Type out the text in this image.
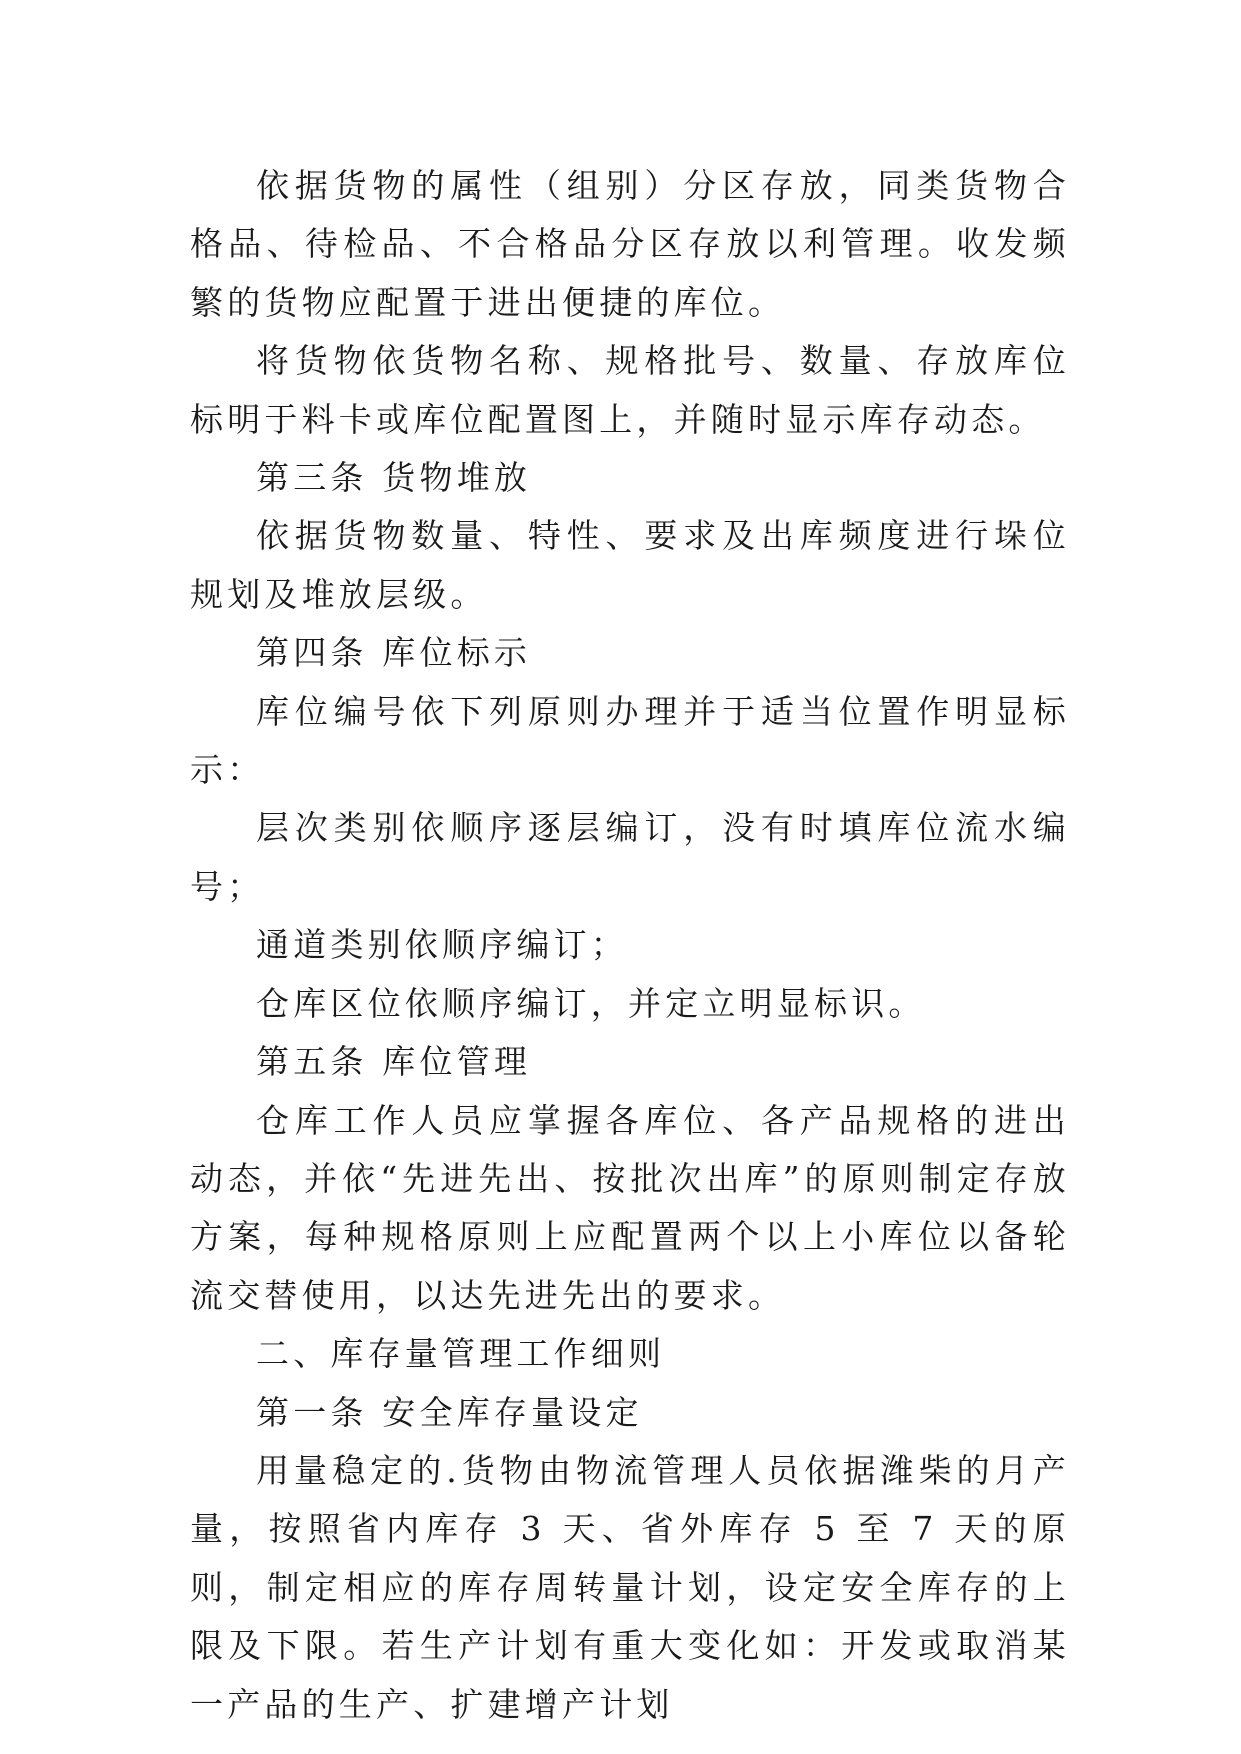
依据货物的属性（组别）分区存放，同类货物合格品、待检品、不合格品分区存放以利管理。收发频繁的货物应配置于进出便捷的库位。

将货物依货物名称、规格批号、数量、存放库位标明于料卡或库位配置图上，并随时显示库存动态。

第三条 货物堆放

依据货物数量、特性、要求及出库频度进行垛位规划及堆放层级。

第四条 库位标示

库位编号依下列原则办理并于适当位置作明显标示：

层次类别依顺序逐层编订，没有时填库位流水编号；

通道类别依顺序编订；

仓库区位依顺序编订，并定立明显标识。

第五条 库位管理

仓库工作人员应掌握各库位、各产品规格的进出动态，并依“先进先出、按批次出库”的原则制定存放方案，每种规格原则上应配置两个以上小库位以备轮流交替使用，以达先进先出的要求。

二、库存量管理工作细则

第一条 安全库存量设定

用量稳定的.货物由物流管理人员依据潍柴的月产量，按照省内库存 3 天、省外库存 5 至 7 天的原则，制定相应的库存周转量计划，设定安全库存的上限及下限。若生产计划有重大变化如：开发或取消某一产品的生产、扩建增产计划
